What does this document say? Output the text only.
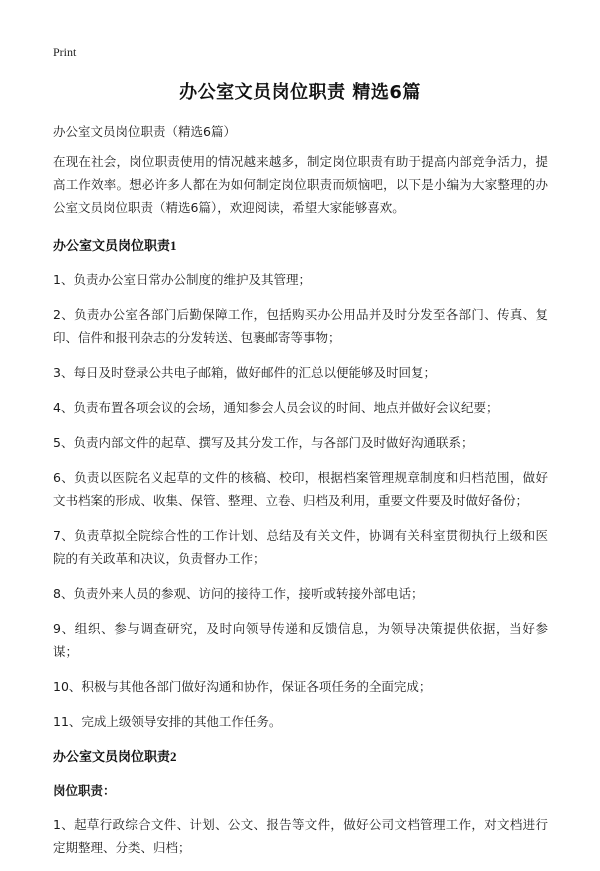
Print
办公室文员岗位职责 精选6篇

办公室文员岗位职责（精选6篇）

在现在社会，岗位职责使用的情况越来越多，制定岗位职责有助于提高内部竞争活力，提高工作效率。想必许多人都在为如何制定岗位职责而烦恼吧，以下是小编为大家整理的办公室文员岗位职责（精选6篇），欢迎阅读，希望大家能够喜欢。

办公室文员岗位职责1

1、负责办公室日常办公制度的维护及其管理；

2、负责办公室各部门后勤保障工作，包括购买办公用品并及时分发至各部门、传真、复印、信件和报刊杂志的分发转送、包裹邮寄等事物；

3、每日及时登录公共电子邮箱，做好邮件的汇总以便能够及时回复；

4、负责布置各项会议的会场，通知参会人员会议的时间、地点并做好会议纪要；

5、负责内部文件的起草、撰写及其分发工作，与各部门及时做好沟通联系；

6、负责以医院名义起草的文件的核稿、校印，根据档案管理规章制度和归档范围，做好文书档案的形成、收集、保管、整理、立卷、归档及利用，重要文件要及时做好备份；

7、负责草拟全院综合性的工作计划、总结及有关文件，协调有关科室贯彻执行上级和医院的有关政革和决议，负责督办工作；

8、负责外来人员的参观、访问的接待工作，接听或转接外部电话；

9、组织、参与调查研究，及时向领导传递和反馈信息，为领导决策提供依据，当好参谋；

10、积极与其他各部门做好沟通和协作，保证各项任务的全面完成；

11、完成上级领导安排的其他工作任务。

办公室文员岗位职责2

岗位职责：

1、起草行政综合文件、计划、公文、报告等文件，做好公司文档管理工作，对文档进行定期整理、分类、归档；
